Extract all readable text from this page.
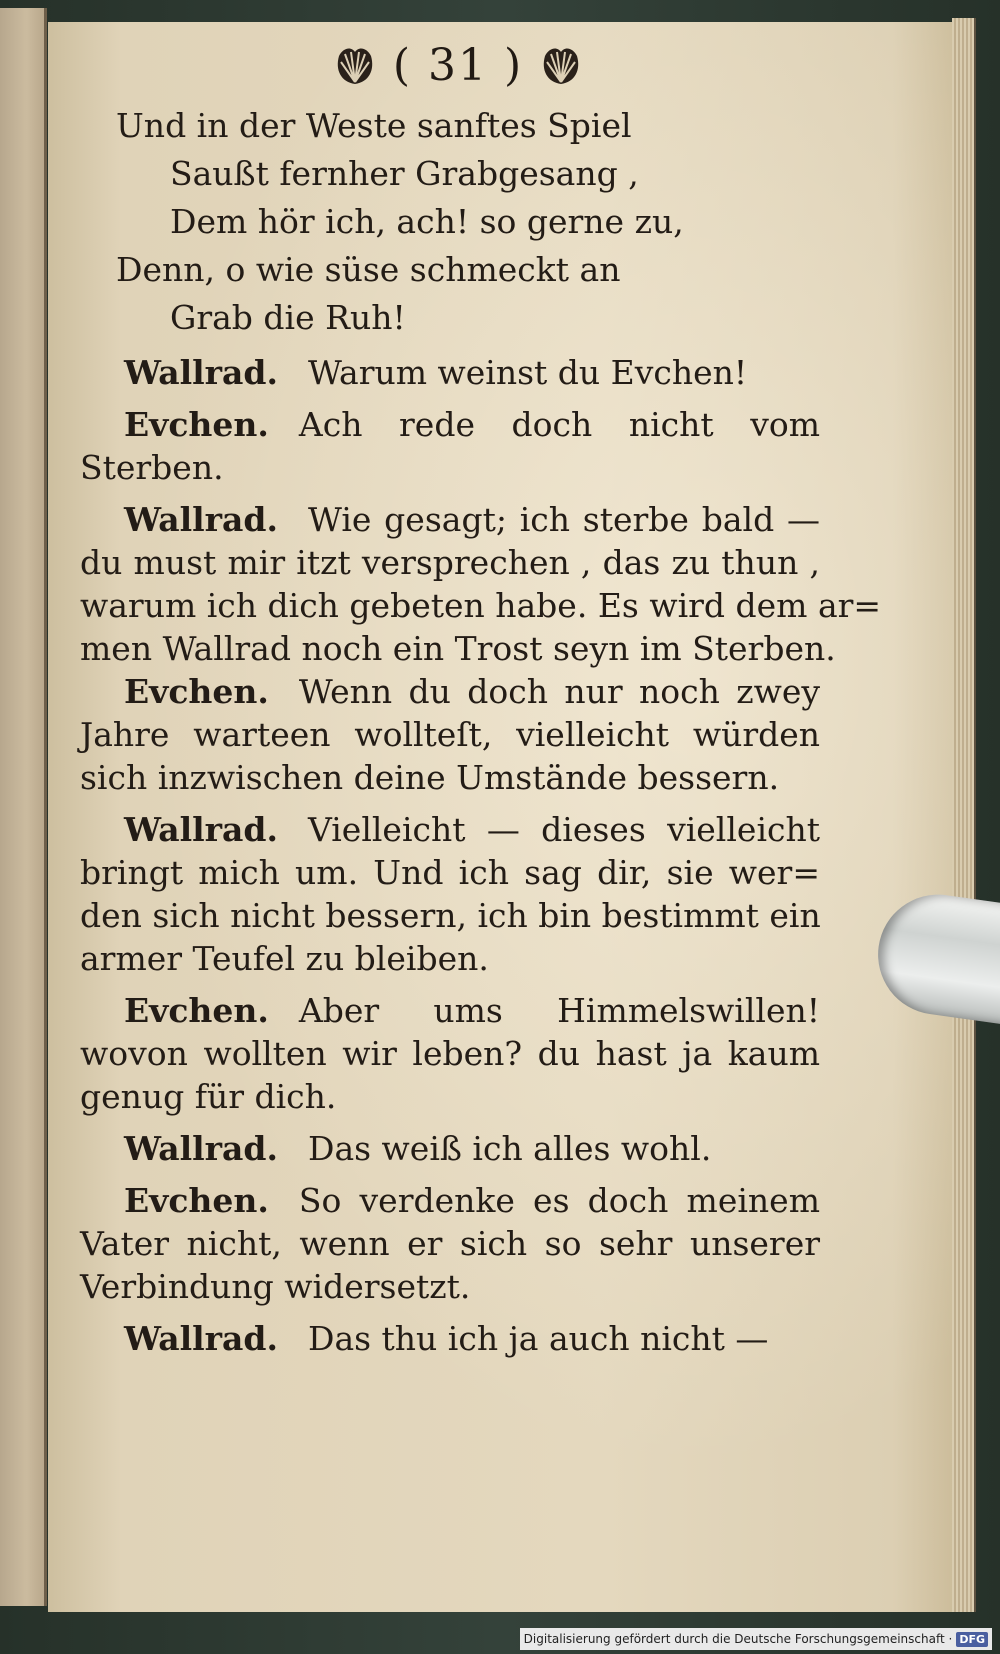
( 31 )
Und in der Weste sanftes Spiel
Saußt fernher Grabgesang ,
Dem hör ich, ach! so gerne zu,
Denn, o wie süse schmeckt an
Grab die Ruh!
Wallrad. Warum weinst du Evchen!
Evchen. Ach rede doch nicht vom
Sterben.
Wallrad. Wie gesagt; ich sterbe bald —
du must mir itzt versprechen , das zu thun ,
warum ich dich gebeten habe. Es wird dem ar=
men Wallrad noch ein Trost seyn im Sterben.
Evchen. Wenn du doch nur noch zwey
Jahre warteen wollteſt, vielleicht würden
sich inzwischen deine Umstände bessern.
Wallrad. Vielleicht — dieses vielleicht
bringt mich um. Und ich sag dir, sie wer=
den sich nicht bessern, ich bin bestimmt ein
armer Teufel zu bleiben.
Evchen. Aber ums Himmelswillen!
wovon wollten wir leben? du hast ja kaum
genug für dich.
Wallrad. Das weiß ich alles wohl.
Evchen. So verdenke es doch meinem
Vater nicht, wenn er sich so sehr unserer
Verbindung widersetzt.
Wallrad. Das thu ich ja auch nicht —
Digitalisierung gefördert durch die Deutsche Forschungsgemeinschaft · DFG
